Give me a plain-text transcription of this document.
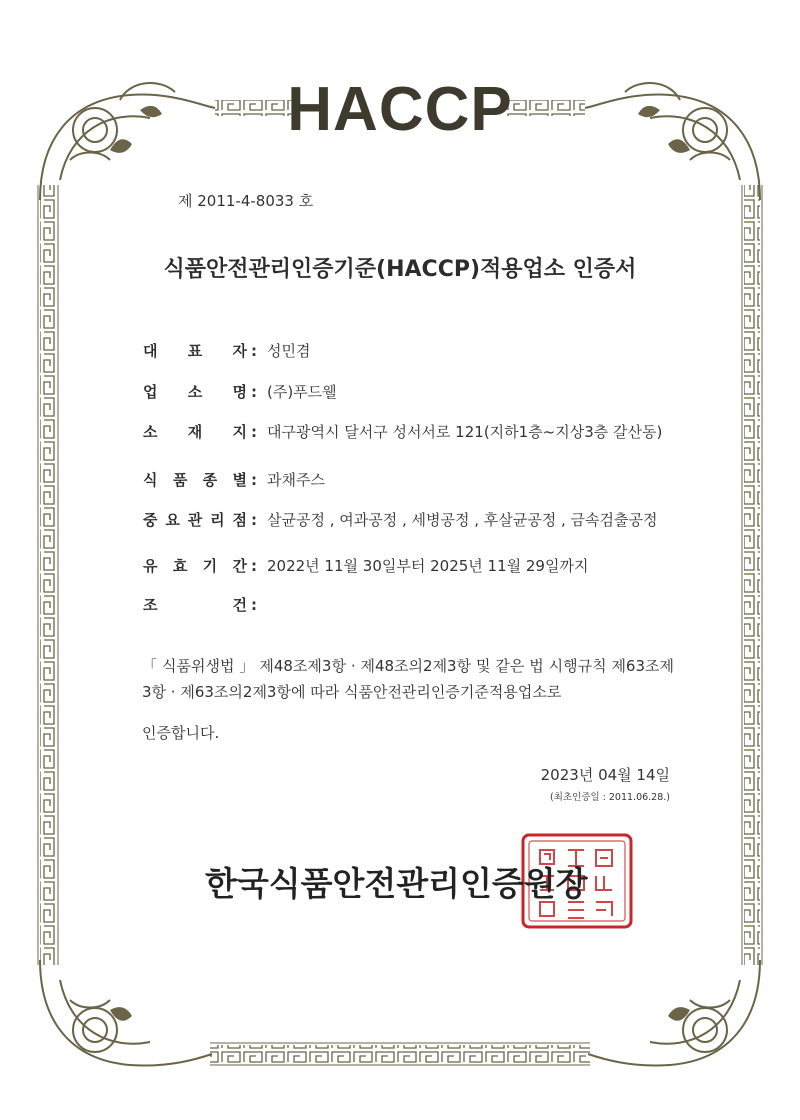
HACCP
제 2011-4-8033 호
식품안전관리인증기준(HACCP)적용업소 인증서
대 표 자 : 성민겸
업 소 명 : (주)푸드웰
소 재 지 : 대구광역시 달서구 성서서로 121(지하1층~지상3층 갈산동)
식 품 종 별 : 과채주스
중 요 관 리 점 : 살균공정 , 여과공정 , 세병공정 , 후살균공정 , 금속검출공정
유 효 기 간 : 2022년 11월 30일부터 2025년 11월 29일까지
조	건 :
「 식품위생법 」 제48조제3항 · 제48조의2제3항 및 같은 법 시행규칙 제63조제3항 · 제63조의2제3항에 따라 식품안전관리인증기준적용업소로
인증합니다.
2023년 04월 14일
(최초인증일 : 2011.06.28.)
한국식품안전관리인증원장
